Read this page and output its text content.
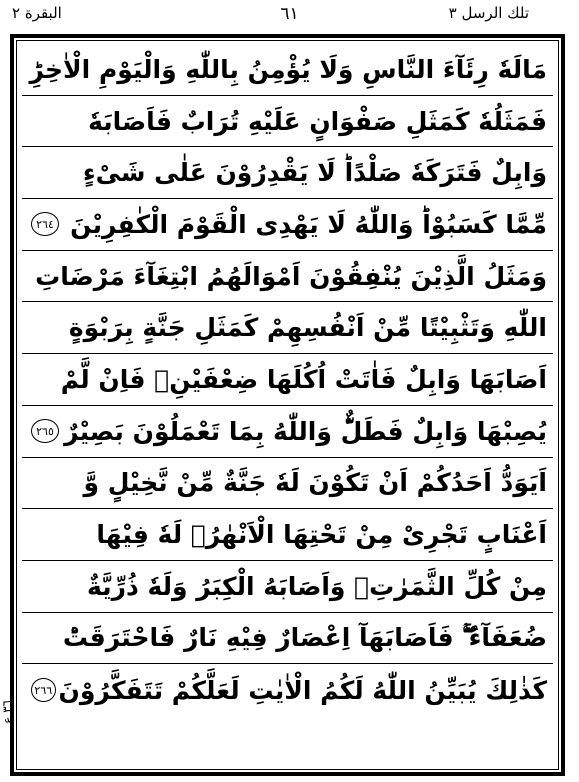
البقرة ٢	٦١	تلك الرسل ٣
٣٦ ع
مَالَهٗ رِئَآءَ النَّاسِ وَلَا يُؤْمِنُ بِاللّٰهِ وَالْيَوْمِ الْاٰخِرِؕ
فَمَثَلُهٗ كَمَثَلِ صَفْوَانٍ عَلَيْهِ تُرَابٌ فَاَصَابَهٗ
وَابِلٌ فَتَرَكَهٗ صَلْدًاؕ لَا يَقْدِرُوْنَ عَلٰى شَىْءٍ
مِّمَّا كَسَبُوْاؕ وَاللّٰهُ لَا يَهْدِى الْقَوْمَ الْكٰفِرِيْنَ
٢٦٤
وَمَثَلُ الَّذِيْنَ يُنْفِقُوْنَ اَمْوَالَهُمُ ابْتِغَآءَ مَرْضَاتِ
اللّٰهِ وَتَثْبِيْتًا مِّنْ اَنْفُسِهِمْ كَمَثَلِ جَنَّةٍ بِرَبْوَةٍ
اَصَابَهَا وَابِلٌ فَاٰتَتْ اُكُلَهَا ضِعْفَيْنِۚ فَاِنْ لَّمْ
يُصِبْهَا وَابِلٌ فَطَلٌّؕ وَاللّٰهُ بِمَا تَعْمَلُوْنَ بَصِيْرٌ
٢٦٥
اَيَوَدُّ اَحَدُكُمْ اَنْ تَكُوْنَ لَهٗ جَنَّةٌ مِّنْ نَّخِيْلٍ وَّ
اَعْنَابٍ تَجْرِىْ مِنْ تَحْتِهَا الْاَنْهٰرُۙ لَهٗ فِيْهَا
مِنْ كُلِّ الثَّمَرٰتِۙ وَاَصَابَهُ الْكِبَرُ وَلَهٗ ذُرِّيَّةٌ
ضُعَفَآءُ ۖۚ فَاَصَابَهَآ اِعْصَارٌ فِيْهِ نَارٌ فَاحْتَرَقَتْؕ
كَذٰلِكَ يُبَيِّنُ اللّٰهُ لَكُمُ الْاٰيٰتِ لَعَلَّكُمْ تَتَفَكَّرُوْنَ
٢٦٦
